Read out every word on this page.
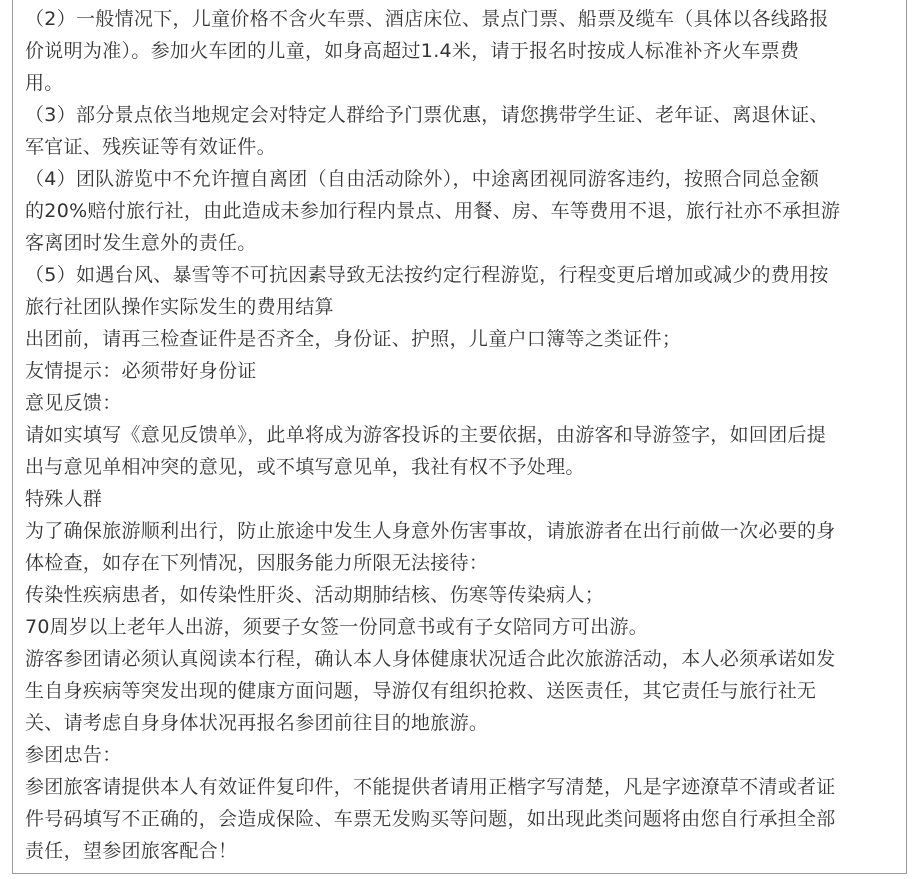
（2）一般情况下，儿童价格不含火车票、酒店床位、景点门票、船票及缆车（具体以各线路报
价说明为准）。参加火车团的儿童，如身高超过1.4米，请于报名时按成人标准补齐火车票费
用。
（3）部分景点依当地规定会对特定人群给予门票优惠，请您携带学生证、老年证、离退休证、
军官证、残疾证等有效证件。
（4）团队游览中不允许擅自离团（自由活动除外），中途离团视同游客违约，按照合同总金额
的20%赔付旅行社，由此造成未参加行程内景点、用餐、房、车等费用不退，旅行社亦不承担游
客离团时发生意外的责任。
（5）如遇台风、暴雪等不可抗因素导致无法按约定行程游览，行程变更后增加或减少的费用按
旅行社团队操作实际发生的费用结算
出团前，请再三检查证件是否齐全，身份证、护照，儿童户口簿等之类证件；
友情提示：必须带好身份证
意见反馈：
请如实填写《意见反馈单》，此单将成为游客投诉的主要依据，由游客和导游签字，如回团后提
出与意见单相冲突的意见，或不填写意见单，我社有权不予处理。
特殊人群
为了确保旅游顺利出行，防止旅途中发生人身意外伤害事故，请旅游者在出行前做一次必要的身
体检查，如存在下列情况，因服务能力所限无法接待：
传染性疾病患者，如传染性肝炎、活动期肺结核、伤寒等传染病人；
70周岁以上老年人出游，须要子女签一份同意书或有子女陪同方可出游。
游客参团请必须认真阅读本行程，确认本人身体健康状况适合此次旅游活动，本人必须承诺如发
生自身疾病等突发出现的健康方面问题，导游仅有组织抢救、送医责任，其它责任与旅行社无
关、请考虑自身身体状况再报名参团前往目的地旅游。
参团忠告：
参团旅客请提供本人有效证件复印件，不能提供者请用正楷字写清楚，凡是字迹潦草不清或者证
件号码填写不正确的，会造成保险、车票无发购买等问题，如出现此类问题将由您自行承担全部
责任，望参团旅客配合！
